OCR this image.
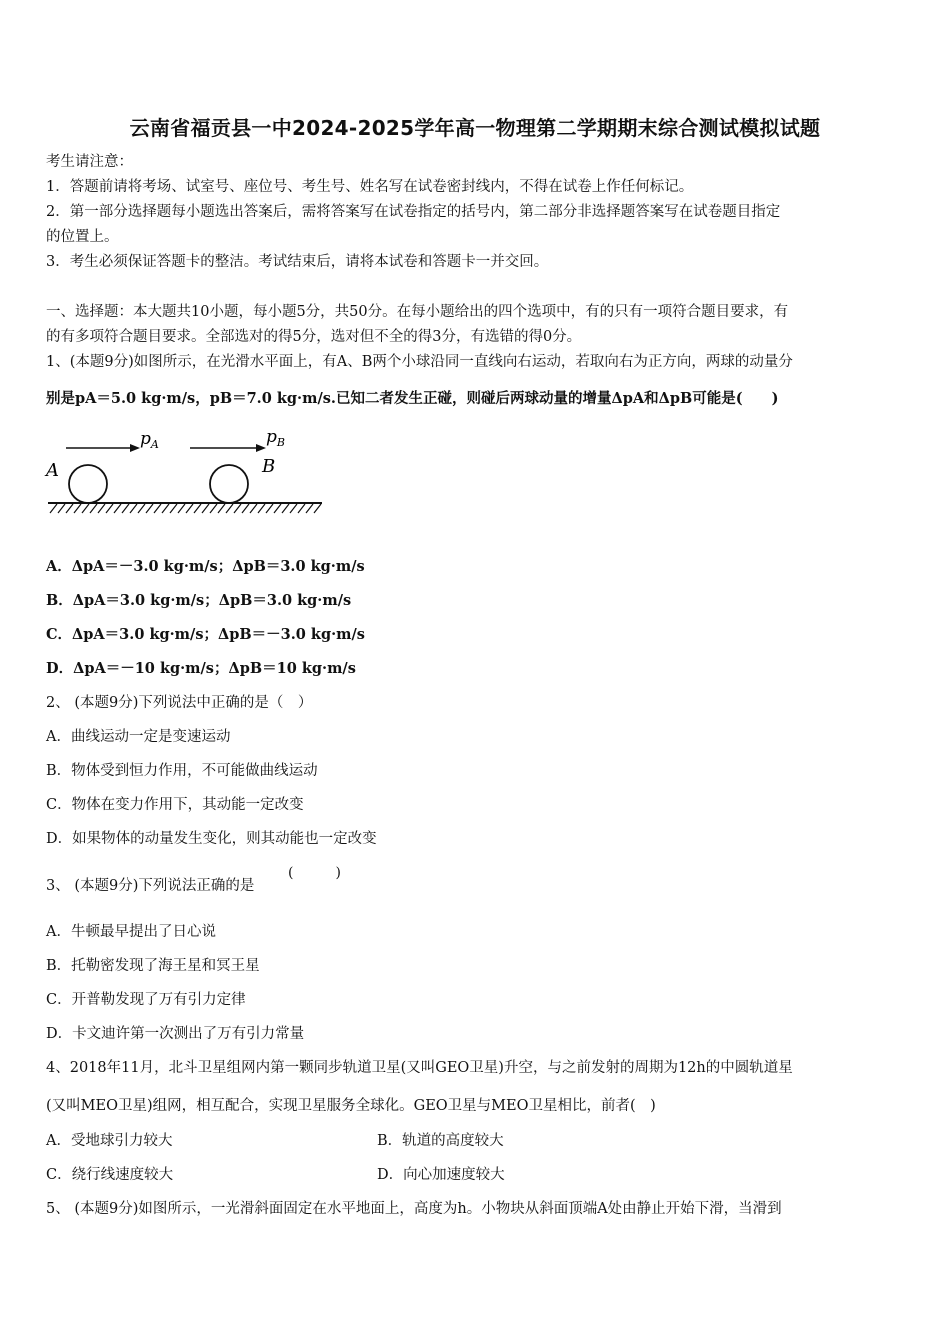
云南省福贡县一中2024-2025学年高一物理第二学期期末综合测试模拟试题
考生请注意：
1．答题前请将考场、试室号、座位号、考生号、姓名写在试卷密封线内，不得在试卷上作任何标记。
2．第一部分选择题每小题选出答案后，需将答案写在试卷指定的括号内，第二部分非选择题答案写在试卷题目指定
的位置上。
3．考生必须保证答题卡的整洁。考试结束后，请将本试卷和答题卡一并交回。
一、选择题：本大题共10小题，每小题5分，共50分。在每小题给出的四个选项中，有的只有一项符合题目要求，有
的有多项符合题目要求。全部选对的得5分，选对但不全的得3分，有选错的得0分。
1、(本题9分)如图所示，在光滑水平面上，有A、B两个小球沿同一直线向右运动，若取向右为正方向，两球的动量分
别是pA＝5.0 kg·m/s，pB＝7.0 kg·m/s.已知二者发生正碰，则碰后两球动量的增量ΔpA和ΔpB可能是(　　)
$p_A$	$p_B$
A	B
A．ΔpA＝－3.0 kg·m/s；ΔpB＝3.0 kg·m/s
B．ΔpA＝3.0 kg·m/s；ΔpB＝3.0 kg·m/s
C．ΔpA＝3.0 kg·m/s；ΔpB＝－3.0 kg·m/s
D．ΔpA＝－10 kg·m/s；ΔpB＝10 kg·m/s
2、 (本题9分)下列说法中正确的是（　）
A．曲线运动一定是变速运动
B．物体受到恒力作用，不可能做曲线运动
C．物体在变力作用下，其动能一定改变
D．如果物体的动量发生变化，则其动能也一定改变
3、 (本题9分)下列说法正确的是
(　　　)
A．牛顿最早提出了日心说
B．托勒密发现了海王星和冥王星
C．开普勒发现了万有引力定律
D．卡文迪许第一次测出了万有引力常量
4、2018年11月，北斗卫星组网内第一颗同步轨道卫星(又叫GEO卫星)升空，与之前发射的周期为12h的中圆轨道星
(又叫MEO卫星)组网，相互配合，实现卫星服务全球化。GEO卫星与MEO卫星相比，前者(　)
A．受地球引力较大	B．轨道的高度较大
C．绕行线速度较大	D．向心加速度较大
5、 (本题9分)如图所示，一光滑斜面固定在水平地面上，高度为h。小物块从斜面顶端A处由静止开始下滑，当滑到
